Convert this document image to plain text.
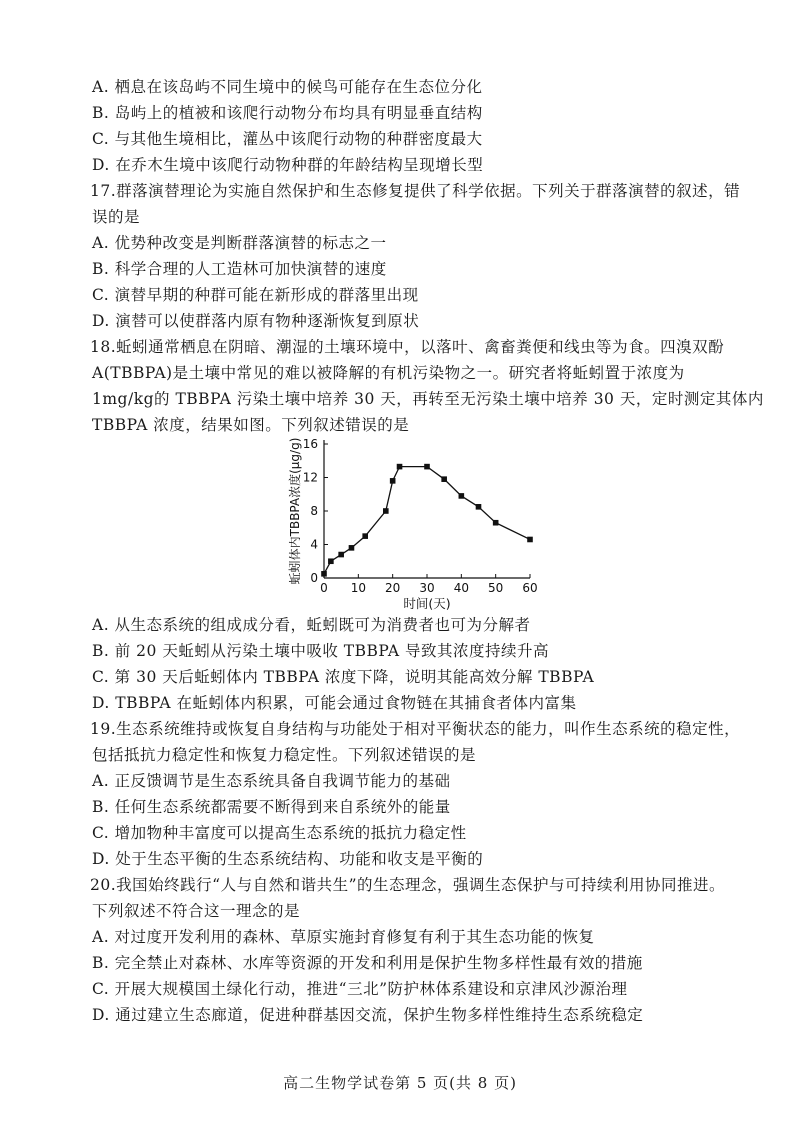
A. 栖息在该岛屿不同生境中的候鸟可能存在生态位分化
B. 岛屿上的植被和该爬行动物分布均具有明显垂直结构
C. 与其他生境相比，灌丛中该爬行动物的种群密度最大
D. 在乔木生境中该爬行动物种群的年龄结构呈现增长型
17.群落演替理论为实施自然保护和生态修复提供了科学依据。下列关于群落演替的叙述，错
误的是
A. 优势种改变是判断群落演替的标志之一
B. 科学合理的人工造林可加快演替的速度
C. 演替早期的种群可能在新形成的群落里出现
D. 演替可以使群落内原有物种逐渐恢复到原状
18.蚯蚓通常栖息在阴暗、潮湿的土壤环境中，以落叶、禽畜粪便和线虫等为食。四溴双酚
A(TBBPA)是土壤中常见的难以被降解的有机污染物之一。研究者将蚯蚓置于浓度为
1mg/kg的 TBBPA 污染土壤中培养 30 天，再转至无污染土壤中培养 30 天，定时测定其体内
TBBPA 浓度，结果如图。下列叙述错误的是
0 10 20 30 40 50 60
0
4
8
12
16
时间(天)
蚯蚓体内TBBPA浓度(μg/g)
A. 从生态系统的组成成分看，蚯蚓既可为消费者也可为分解者
B. 前 20 天蚯蚓从污染土壤中吸收 TBBPA 导致其浓度持续升高
C. 第 30 天后蚯蚓体内 TBBPA 浓度下降，说明其能高效分解 TBBPA
D. TBBPA 在蚯蚓体内积累，可能会通过食物链在其捕食者体内富集
19.生态系统维持或恢复自身结构与功能处于相对平衡状态的能力，叫作生态系统的稳定性，
包括抵抗力稳定性和恢复力稳定性。下列叙述错误的是
A. 正反馈调节是生态系统具备自我调节能力的基础
B. 任何生态系统都需要不断得到来自系统外的能量
C. 增加物种丰富度可以提高生态系统的抵抗力稳定性
D. 处于生态平衡的生态系统结构、功能和收支是平衡的
20.我国始终践行“人与自然和谐共生”的生态理念，强调生态保护与可持续利用协同推进。
下列叙述不符合这一理念的是
A. 对过度开发利用的森林、草原实施封育修复有利于其生态功能的恢复
B. 完全禁止对森林、水库等资源的开发和利用是保护生物多样性最有效的措施
C. 开展大规模国土绿化行动，推进“三北”防护林体系建设和京津风沙源治理
D. 通过建立生态廊道，促进种群基因交流，保护生物多样性维持生态系统稳定
高二生物学试卷第 5 页(共 8 页)
